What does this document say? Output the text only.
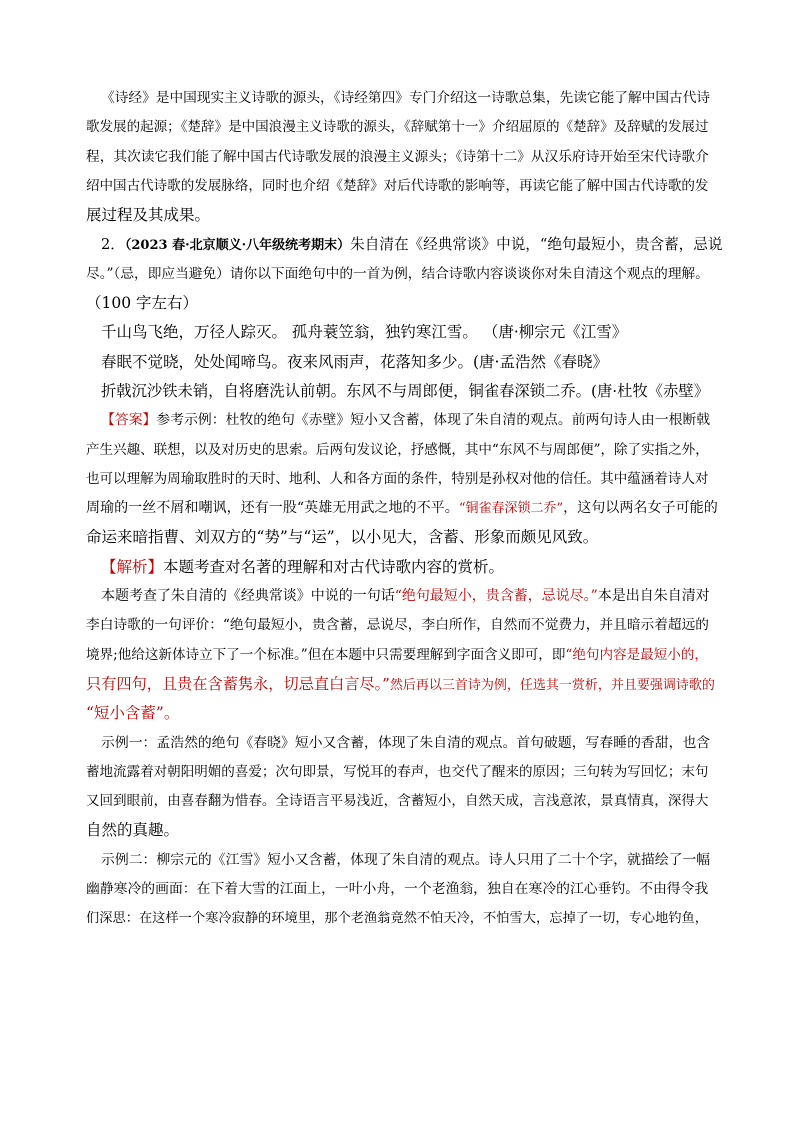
《诗经》是中国现实主义诗歌的源头，《诗经第四》专门介绍这一诗歌总集，先读它能了解中国古代诗
歌发展的起源；《楚辞》是中国浪漫主义诗歌的源头，《辞赋第十一》介绍屈原的《楚辞》及辞赋的发展过
程，其次读它我们能了解中国古代诗歌发展的浪漫主义源头；《诗第十二》从汉乐府诗开始至宋代诗歌介
绍中国古代诗歌的发展脉络，同时也介绍《楚辞》对后代诗歌的影响等，再读它能了解中国古代诗歌的发
展过程及其成果。
2．（2023 春·北京顺义·八年级统考期末）朱自清在《经典常谈》中说，“绝句最短小，贵含蓄，忌说
尽。”（忌，即应当避免）请你以下面绝句中的一首为例，结合诗歌内容谈谈你对朱自清这个观点的理解。
（100 字左右）
千山鸟飞绝，万径人踪灭。 孤舟蓑笠翁，独钓寒江雪。 （唐·柳宗元《江雪》
春眠不觉晓，处处闻啼鸟。夜来风雨声，花落知多少。(唐·孟浩然《春晓》
折戟沉沙铁未销，自将磨洗认前朝。东风不与周郎便，铜雀春深锁二乔。(唐·杜牧《赤壁》
【答案】参考示例：杜牧的绝句《赤壁》短小又含蓄，体现了朱自清的观点。前两句诗人由一根断戟
产生兴趣、联想，以及对历史的思索。后两句发议论，抒感慨，其中“东风不与周郎便”，除了实指之外，
也可以理解为周瑜取胜时的天时、地利、人和各方面的条件，特别是孙权对他的信任。其中蕴涵着诗人对
周瑜的一丝不屑和嘲讽，还有一股“英雄无用武之地的不平。“铜雀春深锁二乔”，这句以两名女子可能的
命运来暗指曹、刘双方的“势”与“运”，以小见大，含蓄、形象而颇见风致。
【解析】本题考查对名著的理解和对古代诗歌内容的赏析。
本题考查了朱自清的《经典常谈》中说的一句话“绝句最短小，贵含蓄，忌说尽。”本是出自朱自清对
李白诗歌的一句评价：“绝句最短小，贵含蓄，忌说尽，李白所作，自然而不觉费力，并且暗示着超远的
境界;他给这新体诗立下了一个标准。”但在本题中只需要理解到字面含义即可，即“绝句内容是最短小的，
只有四句，且贵在含蓄隽永，切忌直白言尽。”然后再以三首诗为例，任选其一赏析，并且要强调诗歌的
“短小含蓄”。
示例一：孟浩然的绝句《春晓》短小又含蓄，体现了朱自清的观点。首句破题，写春睡的香甜，也含
蓄地流露着对朝阳明媚的喜爱；次句即景，写悦耳的春声，也交代了醒来的原因；三句转为写回忆；末句
又回到眼前，由喜春翻为惜春。全诗语言平易浅近，含蓄短小，自然天成，言浅意浓，景真情真，深得大
自然的真趣。
示例二：柳宗元的《江雪》短小又含蓄，体现了朱自清的观点。诗人只用了二十个字，就描绘了一幅
幽静寒冷的画面：在下着大雪的江面上，一叶小舟，一个老渔翁，独自在寒冷的江心垂钓。不由得令我
们深思：在这样一个寒冷寂静的环境里，那个老渔翁竟然不怕天冷，不怕雪大，忘掉了一切，专心地钓鱼，
